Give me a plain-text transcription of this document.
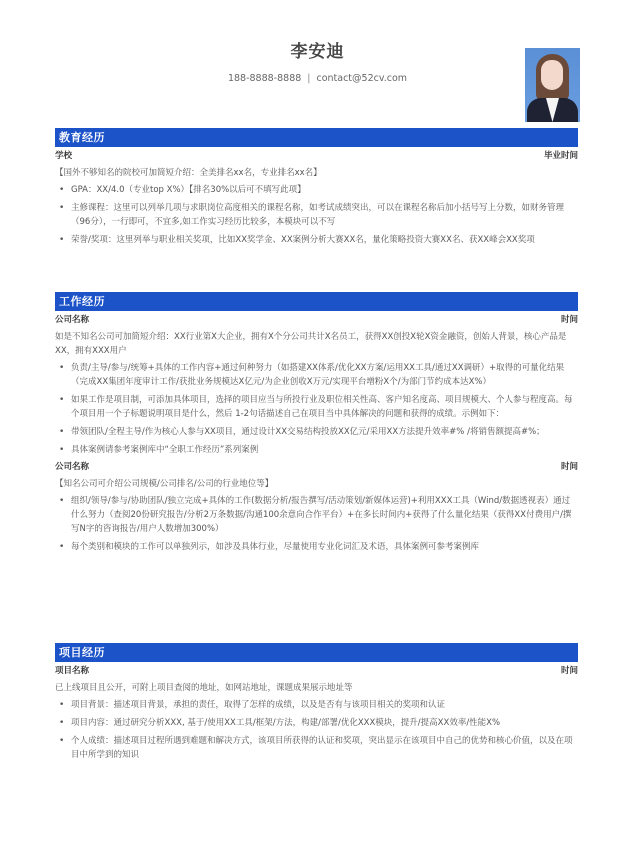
李安迪
188-8888-8888 | contact@52cv.com
教育经历
学校	毕业时间
【国外不够知名的院校可加简短介绍：全美排名xx名，专业排名xx名】
• GPA：XX/4.0（专业top X%）【排名30%以后可不填写此项】
• 主修课程：这里可以列举几项与求职岗位高度相关的课程名称，如考试成绩突出，可以在课程名称后加小括号写上分数，如财务管理（96分），一行即可，不宜多,如工作实习经历比较多，本模块可以不写
• 荣誉/奖项：这里列举与职业相关奖项，比如XX奖学金、XX案例分析大赛XX名，量化策略投资大赛XX名、获XX峰会XX奖项
工作经历
公司名称	时间
如是不知名公司可加简短介绍：XX行业第X大企业，拥有X个分公司共计X名员工，获得XX创投X轮X资金融资，创始人背景，核心产品是XX，拥有XXX用户
• 负责/主导/参与/统筹+具体的工作内容+通过何种努力（如搭建XX体系/优化XX方案/运用XX工具/通过XX调研）+取得的可量化结果（完成XX集团年度审计工作/获批业务规模达X亿元/为企业创收X万元/实现平台增粉X个/为部门节约成本达X%）
• 如果工作是项目制，可添加具体项目，选择的项目应当与所投行业及职位相关性高、客户知名度高、项目规模大、个人参与程度高。每个项目用一个子标题说明项目是什么，然后 1-2句话描述自己在项目当中具体解决的问题和获得的成绩。示例如下：
• 带领团队/全程主导/作为核心人参与XX项目，通过设计XX交易结构投放XX亿元/采用XX方法提升效率#% /将销售额提高#%；
• 具体案例请参考案例库中“全职工作经历”系列案例
公司名称	时间
【知名公司可介绍公司规模/公司排名/公司的行业地位等】
• 组织/领导/参与/协助团队/独立完成+具体的工作(数据分析/报告撰写/活动策划/新媒体运营)+利用XXX工具（Wind/数据透视表）通过什么努力（查阅20份研究报告/分析2万条数据/沟通100余意向合作平台）+在多长时间内+获得了什么量化结果（获得XX付费用户/撰写N字的咨询报告/用户人数增加300%）
• 每个类别和模块的工作可以单独列示，如涉及具体行业，尽量使用专业化词汇及术语，具体案例可参考案例库
项目经历
项目名称	时间
已上线项目且公开，可附上项目查阅的地址，如网站地址，课题成果展示地址等
• 项目背景：描述项目背景，承担的责任，取得了怎样的成绩，以及是否有与该项目相关的奖项和认证
• 项目内容：通过研究分析XXX, 基于/使用XX工具/框架/方法，构建/部署/优化XXX模块，提升/提高XX效率/性能X%
• 个人成绩：描述项目过程所遇到难题和解决方式，该项目所获得的认证和奖项，突出显示在该项目中自己的优势和核心价值，以及在项目中所学到的知识
